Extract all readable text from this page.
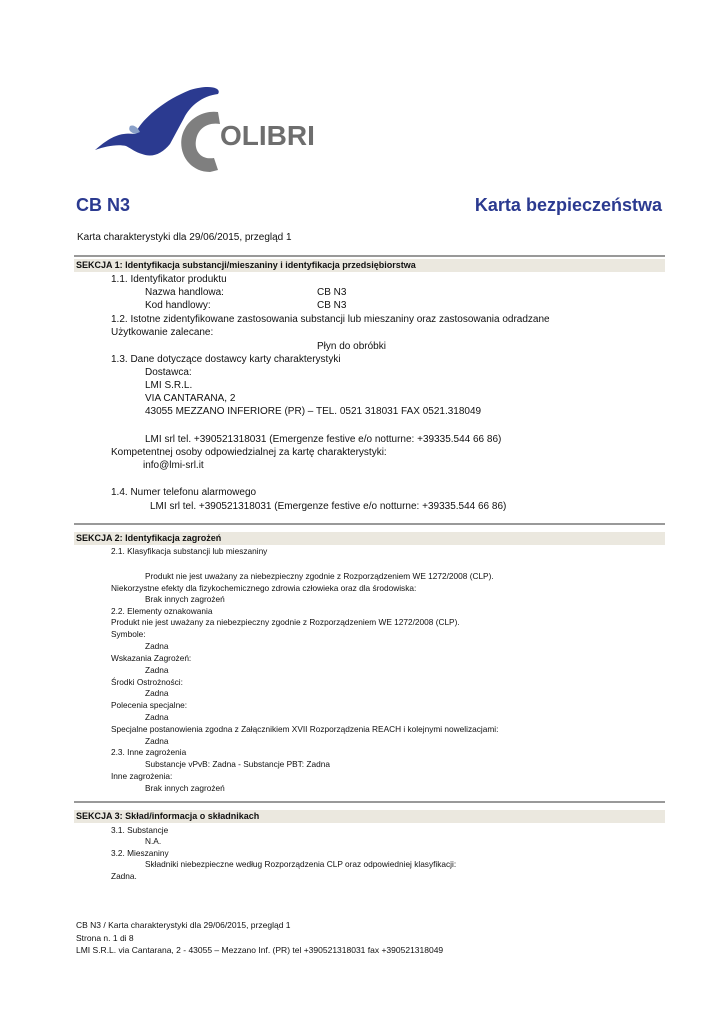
OLIBRI
CB N3	Karta bezpieczeństwa
Karta charakterystyki dla 29/06/2015, przegląd 1
SEKCJA 1: Identyfikacja substancji/mieszaniny i identyfikacja przedsiębiorstwa
1.1. Identyfikator produktu
Nazwa handlowa:	CB N3
Kod handlowy:	CB N3
1.2. Istotne zidentyfikowane zastosowania substancji lub mieszaniny oraz zastosowania odradzane
Użytkowanie zalecane:
Płyn do obróbki
1.3. Dane dotyczące dostawcy karty charakterystyki
Dostawca:
LMI S.R.L.
VIA CANTARANA, 2
43055 MEZZANO INFERIORE (PR) – TEL. 0521 318031 FAX 0521.318049
LMI srl tel. +390521318031 (Emergenze festive e/o notturne: +39335.544 66 86)
Kompetentnej osoby odpowiedzialnej za kartę charakterystyki:
info@lmi-srl.it
1.4. Numer telefonu alarmowego
LMI srl tel. +390521318031 (Emergenze festive e/o notturne: +39335.544 66 86)
SEKCJA 2: Identyfikacja zagrożeń
2.1. Klasyfikacja substancji lub mieszaniny
Produkt nie jest uważany za niebezpieczny zgodnie z Rozporządzeniem WE 1272/2008 (CLP).
Niekorzystne efekty dla fizykochemicznego zdrowia człowieka oraz dla środowiska:
Brak innych zagrożeń
2.2. Elementy oznakowania
Produkt nie jest uważany za niebezpieczny zgodnie z Rozporządzeniem WE 1272/2008 (CLP).
Symbole:
Zadna
Wskazania Zagrożeń:
Zadna
Środki Ostrożności:
Zadna
Polecenia specjalne:
Zadna
Specjalne postanowienia zgodna z Załącznikiem XVII Rozporządzenia REACH i kolejnymi nowelizacjami:
Zadna
2.3. Inne zagrożenia
Substancje vPvB: Zadna - Substancje PBT: Zadna
Inne zagrożenia:
Brak innych zagrożeń
SEKCJA 3: Skład/informacja o składnikach
3.1. Substancje
N.A.
3.2. Mieszaniny
Składniki niebezpieczne według Rozporządzenia CLP oraz odpowiedniej klasyfikacji:
Zadna.
CB N3 / Karta charakterystyki dla 29/06/2015, przegląd 1
Strona n. 1 di 8
LMI S.R.L. via Cantarana, 2 - 43055 – Mezzano Inf. (PR) tel +390521318031 fax +390521318049
